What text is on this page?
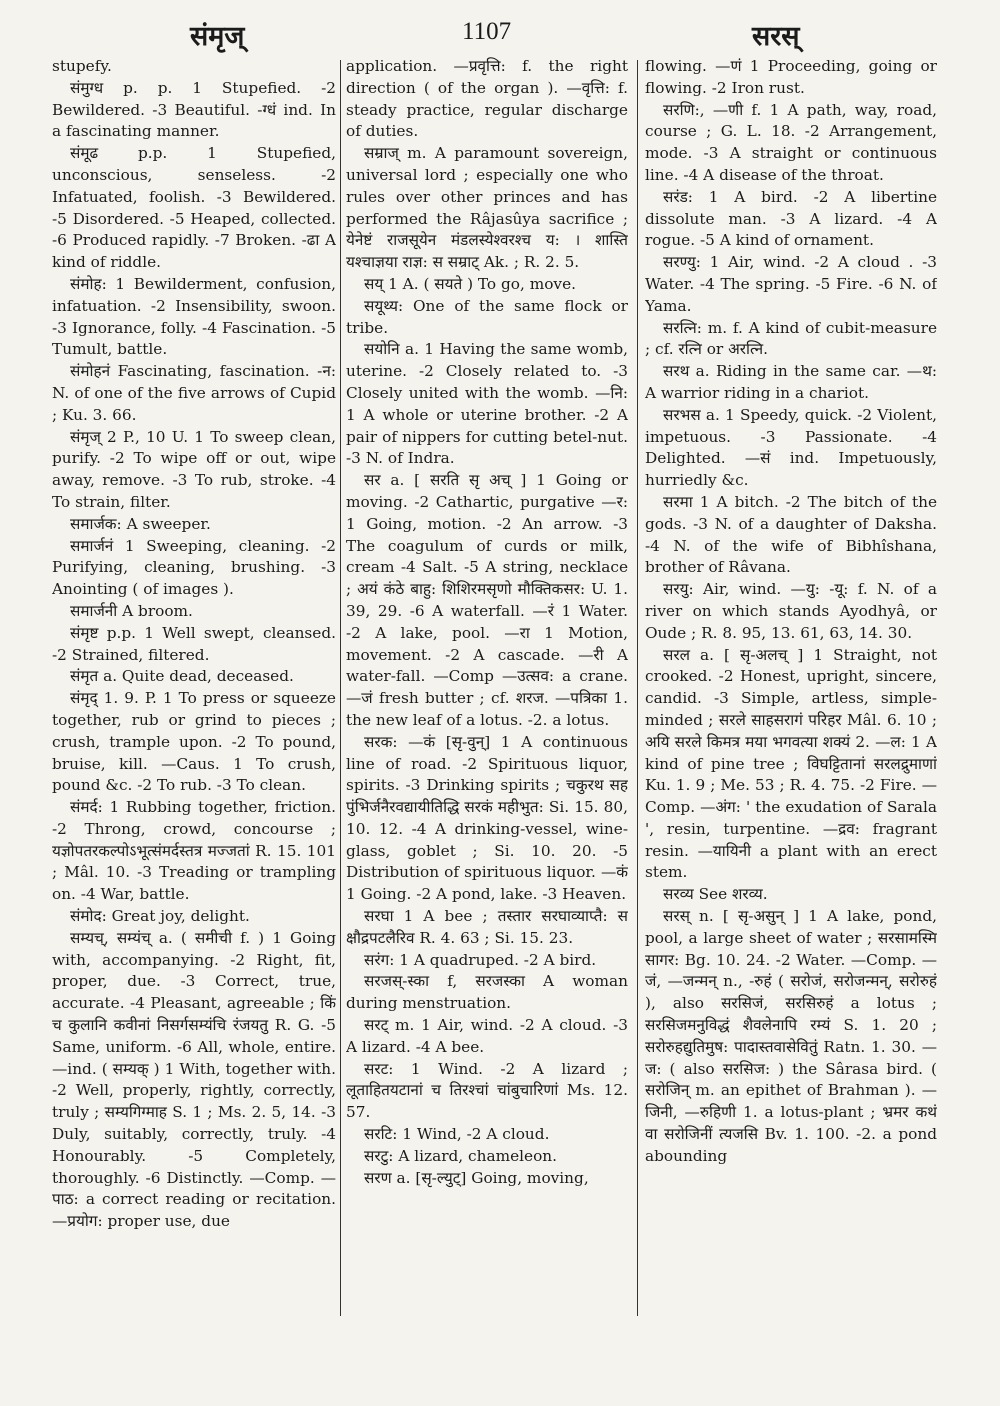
संमृज्	1107	सरस्

stupefy.

संमुग्ध p. p. 1 Stupefied. -2 Bewildered. -3 Beautiful. -ग्धं ind. In a fascinating manner.

संमूढ p.p. 1 Stupefied, unconscious, senseless. -2 Infatuated, foolish. -3 Bewildered. -5 Disordered. -5 Heaped, collected. -6 Produced rapidly. -7 Broken. -ढा A kind of riddle.

संमोह: 1 Bewilderment, confusion, infatuation. -2 Insensibility, swoon. -3 Ignorance, folly. -4 Fascination. -5 Tumult, battle.

संमोहनं Fascinating, fascination. -न: N. of one of the five arrows of Cupid ; Ku. 3. 66.

संमृज् 2 P., 10 U. 1 To sweep clean, purify. -2 To wipe off or out, wipe away, remove. -3 To rub, stroke. -4 To strain, filter.

समार्जक: A sweeper.

समार्जनं 1 Sweeping, cleaning. -2 Purifying, cleaning, brushing. -3 Anointing ( of images ).

समार्जनी A broom.

संमृष्ट p.p. 1 Well swept, cleansed. -2 Strained, filtered.

संमृत a. Quite dead, deceased.

संमृद् 1. 9. P. 1 To press or squeeze together, rub or grind to pieces ; crush, trample upon. -2 To pound, bruise, kill. —Caus. 1 To crush, pound &c. -2 To rub. -3 To clean.

संमर्द: 1 Rubbing together, friction. -2 Throng, crowd, concourse ; यज्ञोपतरकल्पोऽभूत्संमर्दस्तत्र मज्जतां R. 15. 101 ; Mâl. 10. -3 Treading or trampling on. -4 War, battle.

संमोद: Great joy, delight.

सम्यच्, सम्यंच् a. ( समीची f. ) 1 Going with, accompanying. -2 Right, fit, proper, due. -3 Correct, true, accurate. -4 Pleasant, agreeable ; किं च कुलानि कवीनां निसर्गसम्यंचि रंजयतु R. G. -5 Same, uniform. -6 All, whole, entire. —ind. ( सम्यक् ) 1 With, together with. -2 Well, properly, rightly, correctly, truly ; सम्यगिग्माह S. 1 ; Ms. 2. 5, 14. -3 Duly, suitably, correctly, truly. -4 Honourably. -5 Completely, thoroughly. -6 Distinctly. —Comp. —पाठ: a correct reading or recitation. —प्रयोग: proper use, due

application. —प्रवृत्ति: f. the right direction ( of the organ ). —वृत्ति: f. steady practice, regular discharge of duties.

सम्राज् m. A paramount sovereign, universal lord ; especially one who rules over other princes and has performed the Râjasûya sacrifice ; येनेष्टं राजसूयेन मंडलस्येश्वरश्च य: । शास्ति यश्चाज्ञया राज्ञ: स सम्राट् Ak. ; R. 2. 5.

सय् 1 A. ( सयते ) To go, move.

सयूथ्य: One of the same flock or tribe.

सयोनि a. 1 Having the same womb, uterine. -2 Closely related to. -3 Closely united with the womb. —नि: 1 A whole or uterine brother. -2 A pair of nippers for cutting betel-nut. -3 N. of Indra.

सर a. [ सरति सृ अच् ] 1 Going or moving. -2 Cathartic, purgative —र: 1 Going, motion. -2 An arrow. -3 The coagulum of curds or milk, cream -4 Salt. -5 A string, necklace ; अयं कंठे बाहु: शिशिरमसृणो मौक्तिकसर: U. 1. 39, 29. -6 A waterfall. —रं 1 Water. -2 A lake, pool. —रा 1 Motion, movement. -2 A cascade. —री A water-fall. —Comp —उत्सव: a crane. —जं fresh butter ; cf. शरज. —पत्रिका 1. the new leaf of a lotus. -2. a lotus.

सरक: —कं [सृ-वुन्] 1 A continuous line of road. -2 Spirituous liquor, spirits. -3 Drinking spirits ; चकुरथ सह पुंभिर्जनैरवद्यायीतिद्धि सरकं महीभुत: Si. 15. 80, 10. 12. -4 A drinking-vessel, wine-glass, goblet ; Si. 10. 20. -5 Distribution of spirituous liquor. —कं 1 Going. -2 A pond, lake. -3 Heaven.

सरघा 1 A bee ; तस्तार सरघाव्याप्तै: स क्षौद्रपटलैरिव R. 4. 63 ; Si. 15. 23.

सरंग: 1 A quadruped. -2 A bird.

सरजस्-स्का f, सरजस्का A woman during menstruation.

सरट् m. 1 Air, wind. -2 A cloud. -3 A lizard. -4 A bee.

सरट: 1 Wind. -2 A lizard ; लूताहितयटानां च तिरश्चां चांबुचारिणां Ms. 12. 57.

सरटि: 1 Wind, -2 A cloud.

सरटु: A lizard, chameleon.

सरण a. [सृ-ल्युट्] Going, moving,

flowing. —णं 1 Proceeding, going or flowing. -2 Iron rust.

सरणि:, —णी f. 1 A path, way, road, course ; G. L. 18. -2 Arrangement, mode. -3 A straight or continuous line. -4 A disease of the throat.

सरंड: 1 A bird. -2 A libertine dissolute man. -3 A lizard. -4 A rogue. -5 A kind of ornament.

सरण्यु: 1 Air, wind. -2 A cloud . -3 Water. -4 The spring. -5 Fire. -6 N. of Yama.

सरत्नि: m. f. A kind of cubit-measure ; cf. रत्नि or अरत्नि.

सरथ a. Riding in the same car. —थ: A warrior riding in a chariot.

सरभस a. 1 Speedy, quick. -2 Violent, impetuous. -3 Passionate. -4 Delighted. —सं ind. Impetuously, hurriedly &c.

सरमा 1 A bitch. -2 The bitch of the gods. -3 N. of a daughter of Daksha. -4 N. of the wife of Bibhîshana, brother of Râvana.

सरयु: Air, wind. —यु: -यू: f. N. of a river on which stands Ayodhyâ, or Oude ; R. 8. 95, 13. 61, 63, 14. 30.

सरल a. [ सृ-अलच् ] 1 Straight, not crooked. -2 Honest, upright, sincere, candid. -3 Simple, artless, simple-minded ; सरले साहसरागं परिहर Mâl. 6. 10 ; अयि सरले किमत्र मया भगवत्या शक्यं 2. —ल: 1 A kind of pine tree ; विघट्टितानां सरलद्रुमाणां Ku. 1. 9 ; Me. 53 ; R. 4. 75. -2 Fire. —Comp. —अंग: ' the exudation of Sarala ', resin, turpentine. —द्रव: fragrant resin. —यायिनी a plant with an erect stem.

सरव्य See शरव्य.

सरस् n. [ सृ-असुन् ] 1 A lake, pond, pool, a large sheet of water ; सरसामस्मि सागर: Bg. 10. 24. -2 Water. —Comp. —जं, —जन्मन् n., -रुहं ( सरोजं, सरोजन्मन्, सरोरुहं ), also सरसिजं, सरसिरुहं a lotus ; सरसिजमनुविद्धं शैवलेनापि रम्यं S. 1. 20 ; सरोरुहद्युतिमुष: पादास्तवासेवितुं Ratn. 1. 30. —ज: ( also सरसिज: ) the Sârasa bird. ( सरोजिन् m. an epithet of Brahman ). —जिनी, —रुहिणी 1. a lotus-plant ; भ्रमर कथं वा सरोजिनीं त्यजसि Bv. 1. 100. -2. a pond abounding
